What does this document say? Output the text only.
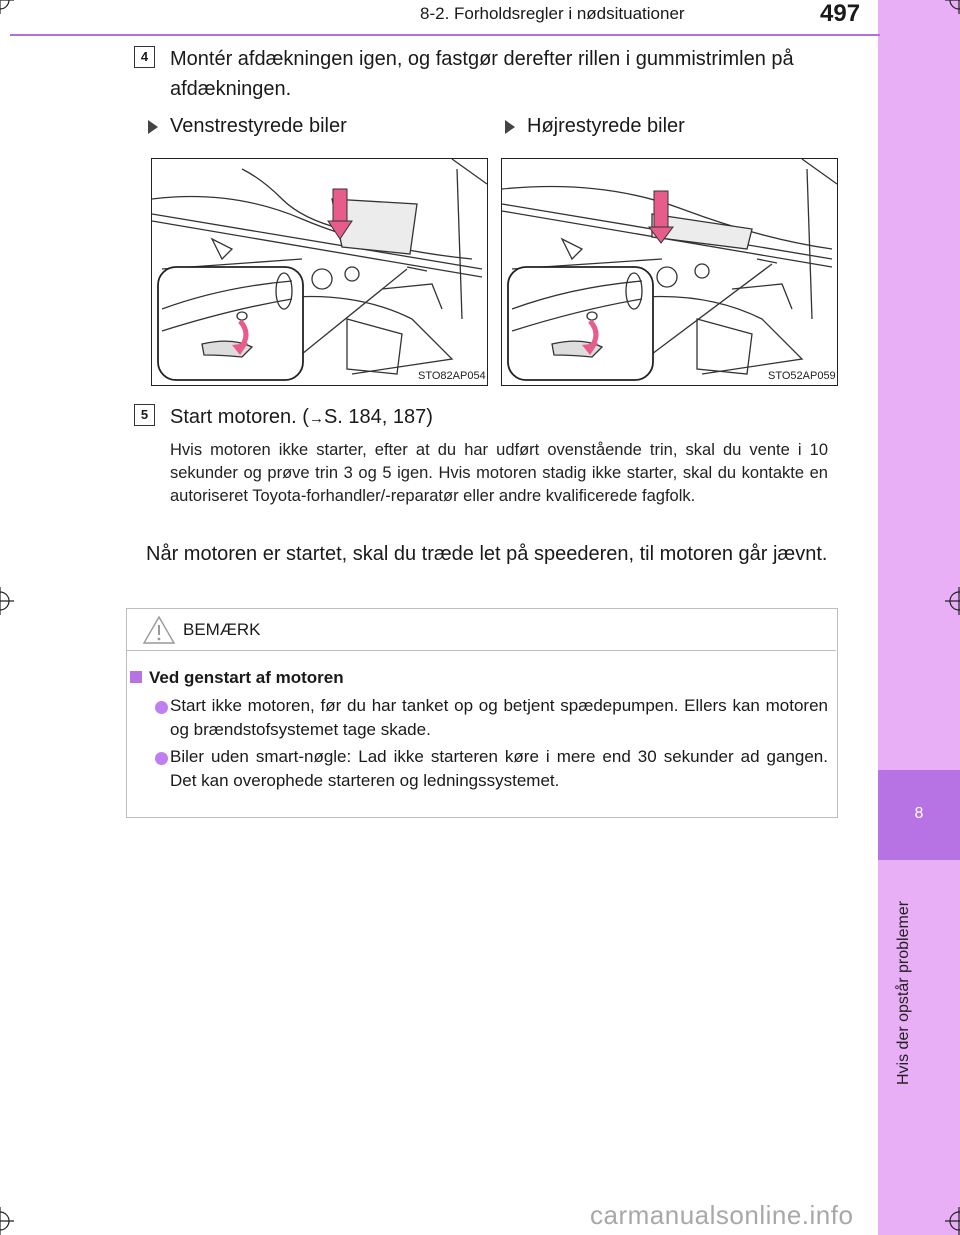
8
Hvis der opstår problemer
8-2. Forholdsregler i nødsituationer	497
4	Montér afdækningen igen, og fastgør derefter rillen i gummistrimlen på afdækningen.
Venstrestyrede biler	Højrestyrede biler
STO82AP054	STO52AP059
5	Start motoren. (→S. 184, 187)
Hvis motoren ikke starter, efter at du har udført ovenstående trin, skal du vente i 10 sekunder og prøve trin 3 og 5 igen. Hvis motoren stadig ikke starter, skal du kontakte en autoriseret Toyota-forhandler/-reparatør eller andre kvalificerede fagfolk.
Når motoren er startet, skal du træde let på speederen, til motoren går jævnt.
BEMÆRK
Ved genstart af motoren
Start ikke motoren, før du har tanket op og betjent spædepumpen. Ellers kan motoren og brændstofsystemet tage skade.
Biler uden smart-nøgle: Lad ikke starteren køre i mere end 30 sekunder ad gangen. Det kan overophede starteren og ledningssystemet.
carmanualsonline.info
